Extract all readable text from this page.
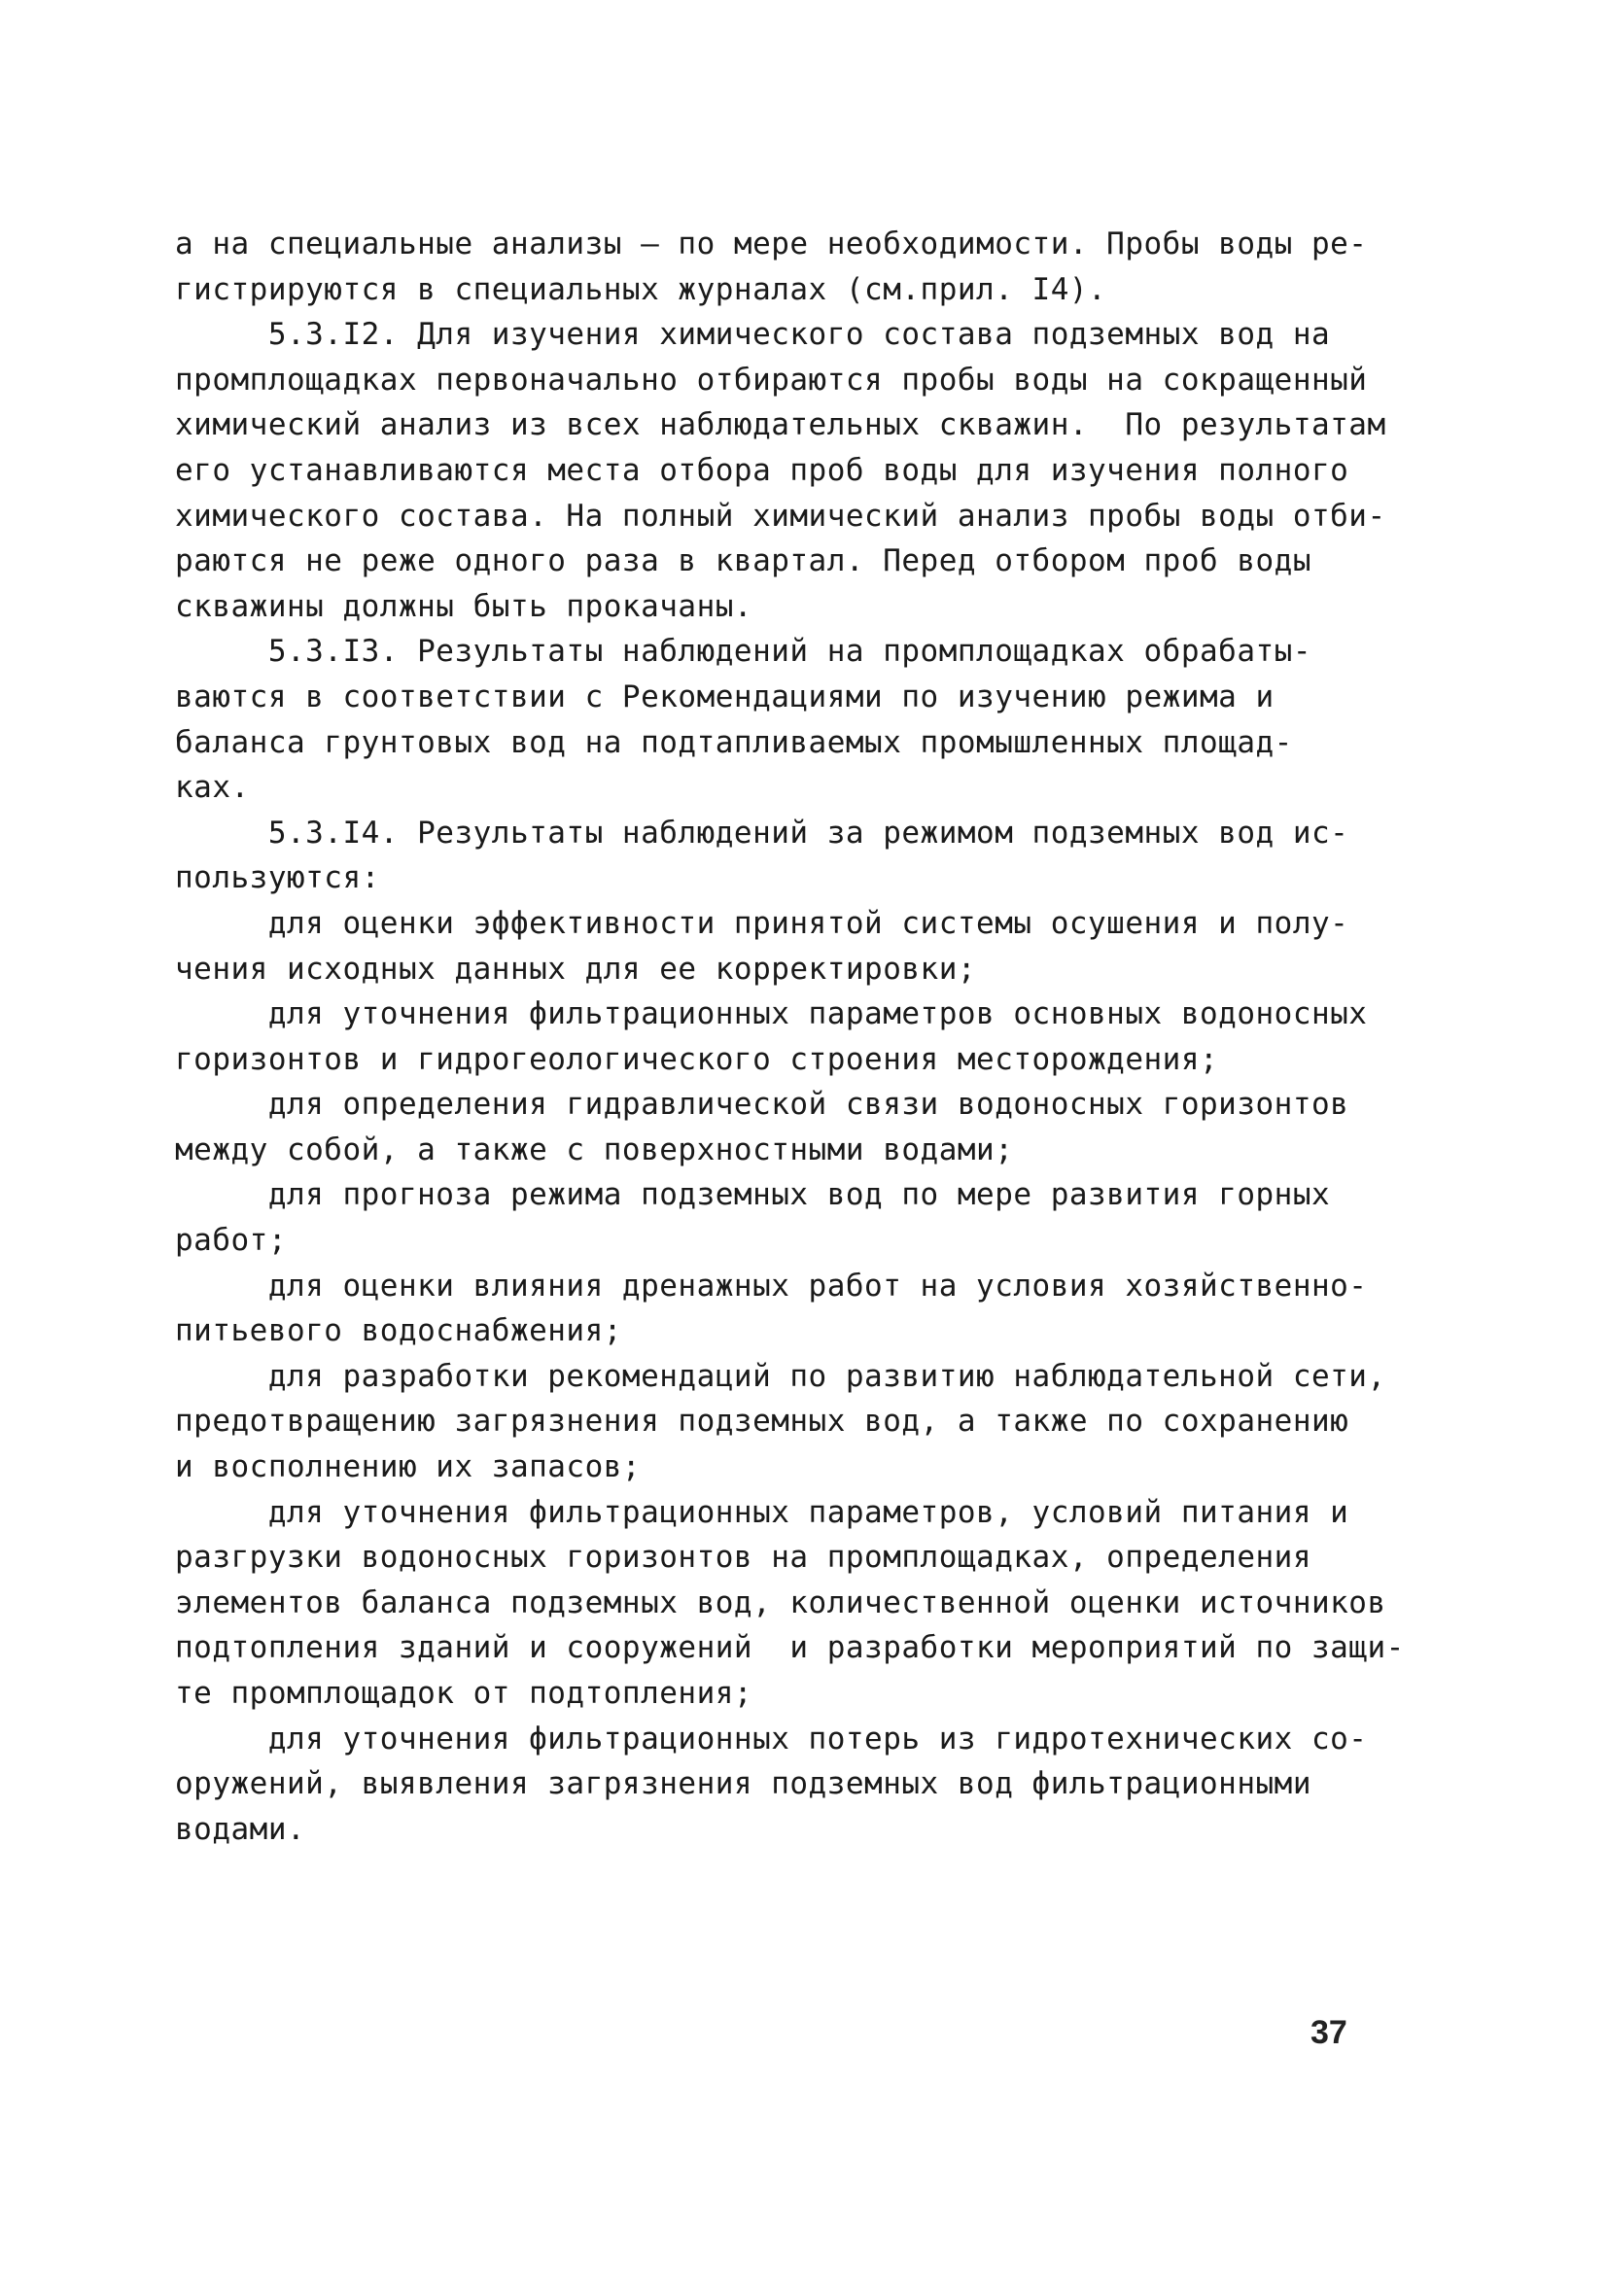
а на специальные анализы – по мере необходимости. Пробы воды ре-
гистрируются в специальных журналах (см.прил. I4).
5.3.I2. Для изучения химического состава подземных вод на
промплощадках первоначально отбираются пробы воды на сокращенный
химический анализ из всех наблюдательных скважин.  По результатам
его устанавливаются места отбора проб воды для изучения полного
химического состава. На полный химический анализ пробы воды отби-
раются не реже одного раза в квартал. Перед отбором проб воды
скважины должны быть прокачаны.
5.3.I3. Результаты наблюдений на промплощадках обрабаты-
ваются в соответствии с Рекомендациями по изучению режима и
баланса грунтовых вод на подтапливаемых промышленных площад-
ках.
5.3.I4. Результаты наблюдений за режимом подземных вод ис-
пользуются:
для оценки эффективности принятой системы осушения и полу-
чения исходных данных для ее корректировки;
для уточнения фильтрационных параметров основных водоносных
горизонтов и гидрогеологического строения месторождения;
для определения гидравлической связи водоносных горизонтов
между собой, а также с поверхностными водами;
для прогноза режима подземных вод по мере развития горных
работ;
для оценки влияния дренажных работ на условия хозяйственно-
питьевого водоснабжения;
для разработки рекомендаций по развитию наблюдательной сети,
предотвращению загрязнения подземных вод, а также по сохранению
и восполнению их запасов;
для уточнения фильтрационных параметров, условий питания и
разгрузки водоносных горизонтов на промплощадках, определения
элементов баланса подземных вод, количественной оценки источников
подтопления зданий и сооружений  и разработки мероприятий по защи-
те промплощадок от подтопления;
для уточнения фильтрационных потерь из гидротехнических со-
оружений, выявления загрязнения подземных вод фильтрационными
водами.
37
